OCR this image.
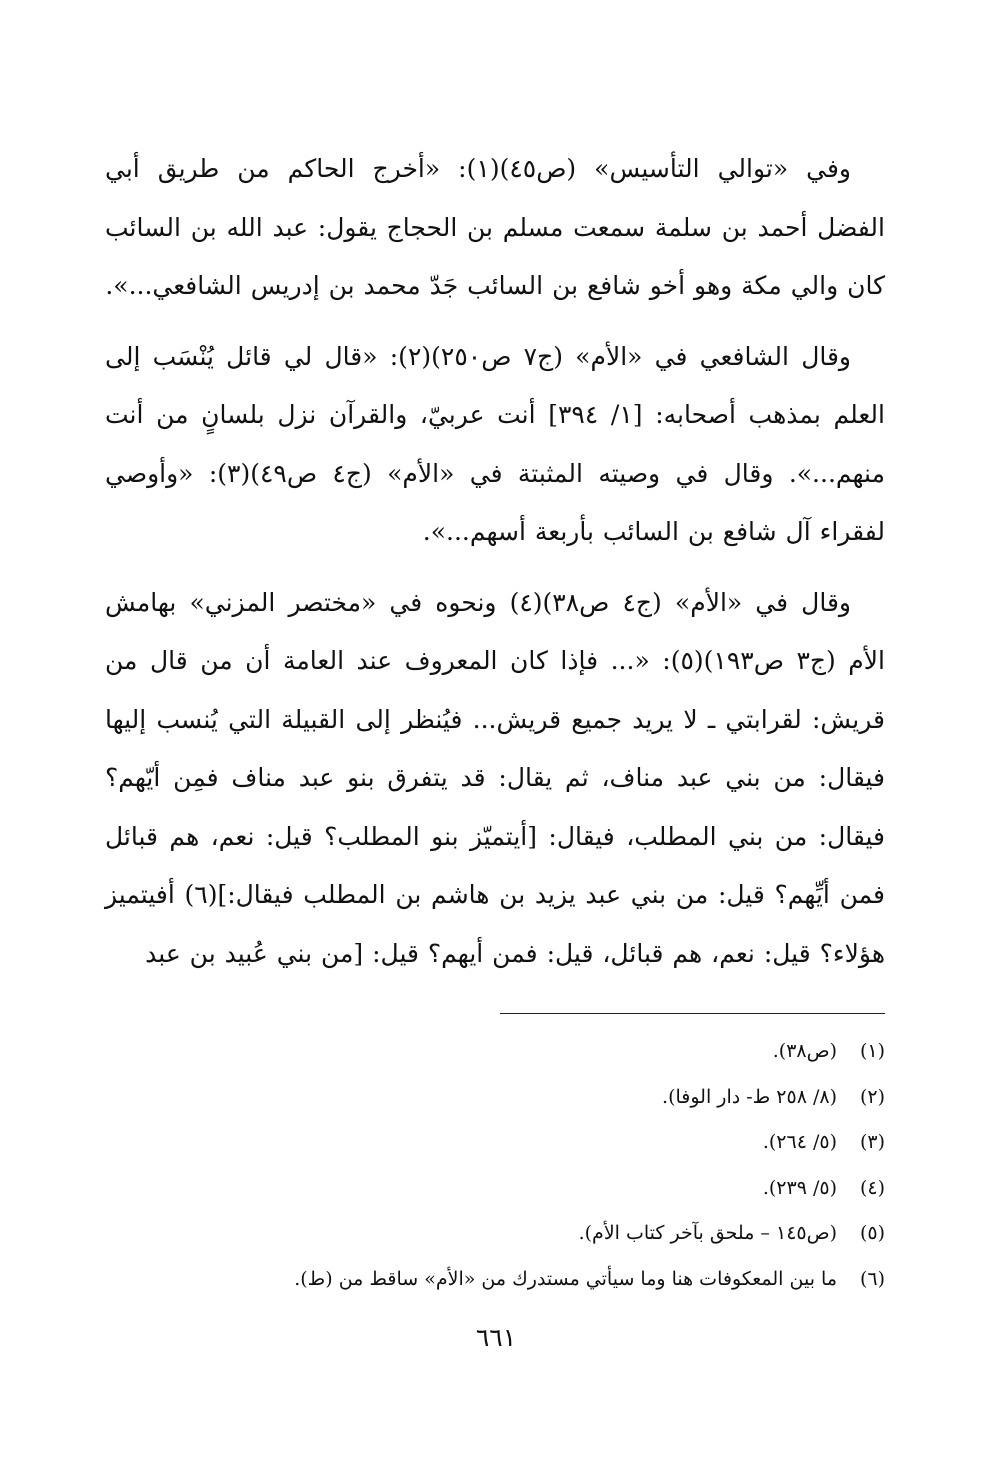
وفي «توالي التأسيس» (ص٤٥)(١): «أخرج الحاكم من طريق أبي الفضل أحمد بن سلمة سمعت مسلم بن الحجاج يقول: عبد الله بن السائب كان والي مكة وهو أخو شافع بن السائب جَدّ محمد بن إدريس الشافعي...».

وقال الشافعي في «الأم» (ج٧ ص٢٥٠)(٢): «قال لي قائل يُنْسَب إلى العلم بمذهب أصحابه: [١/ ٣٩٤] أنت عربيّ، والقرآن نزل بلسانٍ من أنت منهم...». وقال في وصيته المثبتة في «الأم» (ج٤ ص٤٩)(٣): «وأوصي لفقراء آل شافع بن السائب بأربعة أسهم...».

وقال في «الأم» (ج٤ ص٣٨)(٤) ونحوه في «مختصر المزني» بهامش الأم (ج٣ ص١٩٣)(٥): «... فإذا كان المعروف عند العامة أن من قال من قريش: لقرابتي ـ لا يريد جميع قريش... فيُنظر إلى القبيلة التي يُنسب إليها فيقال: من بني عبد مناف، ثم يقال: قد يتفرق بنو عبد مناف فمِن أيّهم؟ فيقال: من بني المطلب، فيقال: [أيتميّز بنو المطلب؟ قيل: نعم، هم قبائل فمن أيِّهم؟ قيل: من بني عبد يزيد بن هاشم بن المطلب فيقال:](٦) أفيتميز هؤلاء؟ قيل: نعم، هم قبائل، قيل: فمن أيهم؟ قيل: [من بني عُبيد بن عبد

(١)
(ص٣٨).
(٢)
(٨/ ٢٥٨ ط- دار الوفا).
(٣)
(٥/ ٢٦٤).
(٤)
(٥/ ٢٣٩).
(٥)
(ص١٤٥ – ملحق بآخر كتاب الأم).
(٦)
ما بين المعكوفات هنا وما سيأتي مستدرك من «الأم» ساقط من (ط).
٦٦١
